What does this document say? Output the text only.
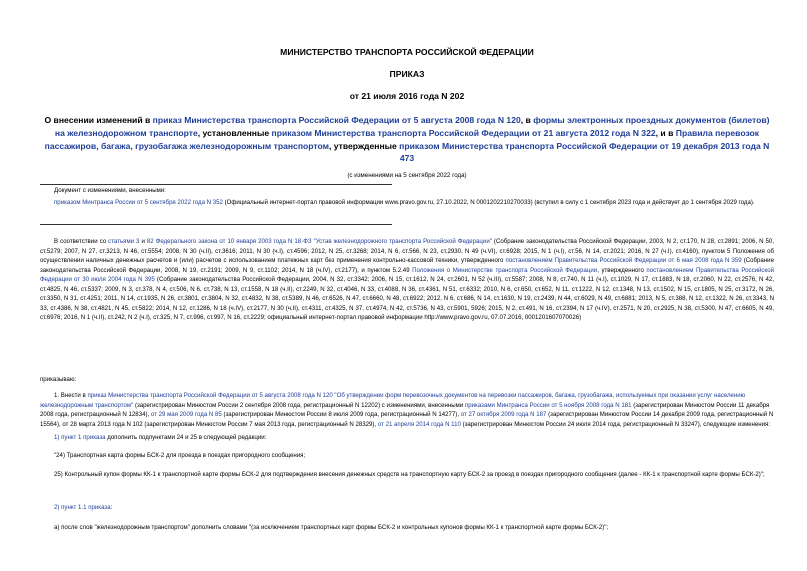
МИНИСТЕРСТВО ТРАНСПОРТА РОССИЙСКОЙ ФЕДЕРАЦИИ
ПРИКАЗ
от 21 июля 2016 года N 202
О внесении изменений в приказ Министерства транспорта Российской Федерации от 5 августа 2008 года N 120, в формы электронных проездных документов (билетов) на железнодорожном транспорте, установленные приказом Министерства транспорта Российской Федерации от 21 августа 2012 года N 322, и в Правила перевозок пассажиров, багажа, грузобагажа железнодорожным транспортом, утвержденные приказом Министерства транспорта Российской Федерации от 19 декабря 2013 года N 473
(с изменениями на 5 сентября 2022 года)
Документ с изменениями, внесенными:
приказом Минтранса России от 5 сентября 2022 года N 352 (Официальный интернет-портал правовой информации www.pravo.gov.ru, 27.10.2022, N 0001202210270033) (вступил в силу с 1 сентября 2023 года и действует до 1 сентября 2029 года).
В соответствии со статьями 3 и 82 Федерального закона от 10 января 2003 года N 18-ФЗ "Устав железнодорожного транспорта Российской Федерации" (Собрание законодательства Российской Федерации, 2003, N 2, ст.170, N 28, ст.2891; 2006, N 50, ст.5279; 2007, N 27, ст.3213, N 46, ст.5554; 2008, N 30 (ч.II), ст.3616; 2011, N 30 (ч.I), ст.4596; 2012, N 25, ст.3268; 2014, N 6, ст.566, N 23, ст.2930, N 49 (ч.VI), ст.6928; 2015, N 1 (ч.I), ст.56, N 14, ст.2021; 2016, N 27 (ч.I), ст.4160), пунктом 5 Положения об осуществлении наличных денежных расчетов и (или) расчетов с использованием платежных карт без применения контрольно-кассовой техники, утвержденного постановлением Правительства Российской Федерации от 6 мая 2008 года N 359 (Собрание законодательства Российской Федерации, 2008, N 19, ст.2191; 2009, N 9, ст.1102; 2014, N 18 (ч.IV), ст.2177), и пунктом 5.2.49 Положения о Министерстве транспорта Российской Федерации, утвержденного постановлением Правительства Российской Федерации от 30 июля 2004 года N 395 (Собрание законодательства Российской Федерации, 2004, N 32, ст.3342; 2006, N 15, ст.1612, N 24, ст.2601, N 52 (ч.III), ст.5587; 2008, N 8, ст.740, N 11 (ч.I), ст.1029, N 17, ст.1883, N 18, ст.2060, N 22, ст.2576, N 42, ст.4825, N 46, ст.5337; 2009, N 3, ст.378, N 4, ст.506, N 6, ст.738, N 13, ст.1558, N 18 (ч.II), ст.2249, N 32, ст.4046, N 33, ст.4088, N 36, ст.4361, N 51, ст.6332; 2010, N 6, ст.650, ст.652, N 11, ст.1222, N 12, ст.1348, N 13, ст.1502, N 15, ст.1805, N 25, ст.3172, N 26, ст.3350, N 31, ст.4251; 2011, N 14, ст.1935, N 26, ст.3801, ст.3804, N 32, ст.4832, N 38, ст.5389, N 46, ст.6526, N 47, ст.6660, N 48, ст.6922; 2012, N 6, ст.686, N 14, ст.1630, N 19, ст.2439, N 44, ст.6029, N 49, ст.6881; 2013, N 5, ст.388, N 12, ст.1322, N 26, ст.3343, N 33, ст.4386, N 38, ст.4821, N 45, ст.5822; 2014, N 12, ст.1286, N 18 (ч.IV), ст.2177, N 30 (ч.II), ст.4311, ст.4325, N 37, ст.4974, N 42, ст.5736, N 43, ст.5901, 5926; 2015, N 2, ст.491, N 16, ст.2394, N 17 (ч.IV), ст.2571, N 20, ст.2925, N 38, ст.5300, N 47, ст.6605, N 49, ст.6976; 2016, N 1 (ч.II), ст.242, N 2 (ч.I), ст.325, N 7, ст.996, ст.997, N 16, ст.2229; официальный интернет-портал правовой информации http://www.pravo.gov.ru, 07.07.2016, 0001201607070026)
приказываю:
1. Внести в приказ Министерства транспорта Российской Федерации от 5 августа 2008 года N 120 "Об утверждении форм перевозочных документов на перевозки пассажиров, багажа, грузобагажа, используемых при оказании услуг населению железнодорожным транспортом" (зарегистрирован Минюстом России 2 сентября 2008 года, регистрационный N 12202) с изменениями, внесенными приказами Минтранса России от 5 ноября 2008 года N 181 (зарегистрирован Минюстом России 11 декабря 2008 года, регистрационный N 12834), от 29 мая 2009 года N 85 (зарегистрирован Минюстом России 8 июля 2009 года, регистрационный N 14277), от 27 октября 2009 года N 187 (зарегистрирован Минюстом России 14 декабря 2009 года, регистрационный N 15564), от 28 марта 2013 года N 102 (зарегистрирован Минюстом России 7 мая 2013 года, регистрационный N 28329), от 21 апреля 2014 года N 110 (зарегистрирован Минюстом России 24 июля 2014 года, регистрационный N 33247), следующие изменения:
1) пункт 1 приказа дополнить подпунктами 24 и 25 в следующей редакции:
"24) Транспортная карта формы БСК-2 для проезда в поездах пригородного сообщения;
25) Контрольный купон формы КК-1 к транспортной карте формы БСК-2 для подтверждения внесения денежных средств на транспортную карту БСК-2 за проезд в поездах пригородного сообщения (далее - КК-1 к транспортной карте формы БСК-2)";
2) пункт 1.1 приказа:
а) после слов "железнодорожным транспортом" дополнить словами "(за исключением транспортных карт формы БСК-2 и контрольных купонов формы КК-1 к транспортной карте формы БСК-2)";
